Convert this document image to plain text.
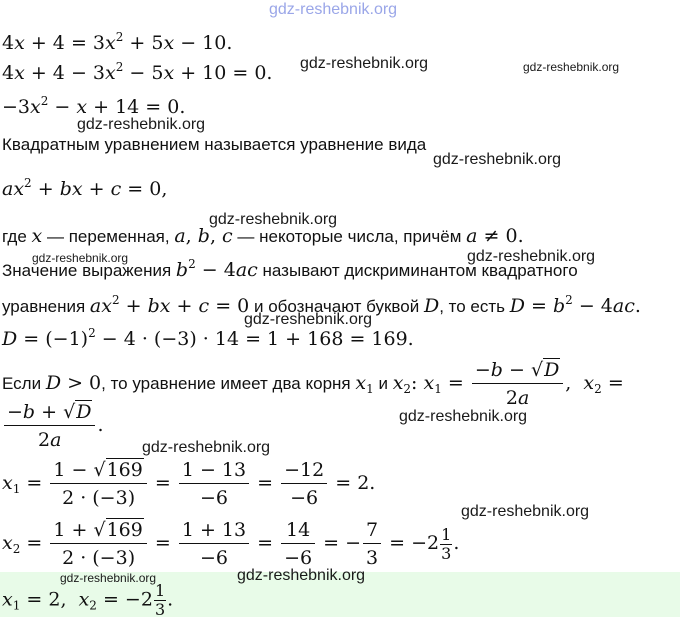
gdz-reshebnik.org
$4x + 4 = 3x^2 + 5x - 10$.
$4x + 4 - 3x^2 - 5x + 10 = 0$.
$-3x^2 - x + 14 = 0$.
Квадратным уравнением называется уравнение вида
$ax^2$ + bx + c = 0,
где x — переменная, a, b, c — некоторые числа, причём a ≠ 0.
Значение выражения $b^2 - 4ac$ называют дискриминантом квадратного
уравнения $ax^2$ + bx + c = 0 и обозначают буквой D, то есть $D = b^2 - 4ac$.
$D = (-1)^2 - 4 \cdot (-3) \cdot 14 = 1 + 168 = 169$.
Если D > 0, то уравнение имеет два корня $x_1$ и $x_2$: $x_1 = \frac{-b - √D}{2a}$ ,  $x_2$ =
$\frac{-b + √D}{2a}$ .
$x_1 = \frac{1 - √169}{2 \cdot (-3)} = \frac{1 - 13}{-6} = \frac{-12}{-6} = 2$.
$x_2 = \frac{1 + √169}{2 \cdot (-3)} = \frac{1 + 13}{-6} = \frac{14}{-6}$ = − $\frac{7}{3} = -2 \frac{1}{3}$ .
$x_1 = 2$,  $x_2 = -2 \frac{1}{3}$ .
gdz-reshebnik.org	gdz-reshebnik.org
gdz-reshebnik.org
gdz-reshebnik.org
gdz-reshebnik.org
gdz-reshebnik.org	gdz-reshebnik.org
gdz-reshebnik.org
gdz-reshebnik.org
gdz-reshebnik.org
gdz-reshebnik.org
gdz-reshebnik.org	gdz-reshebnik.org
